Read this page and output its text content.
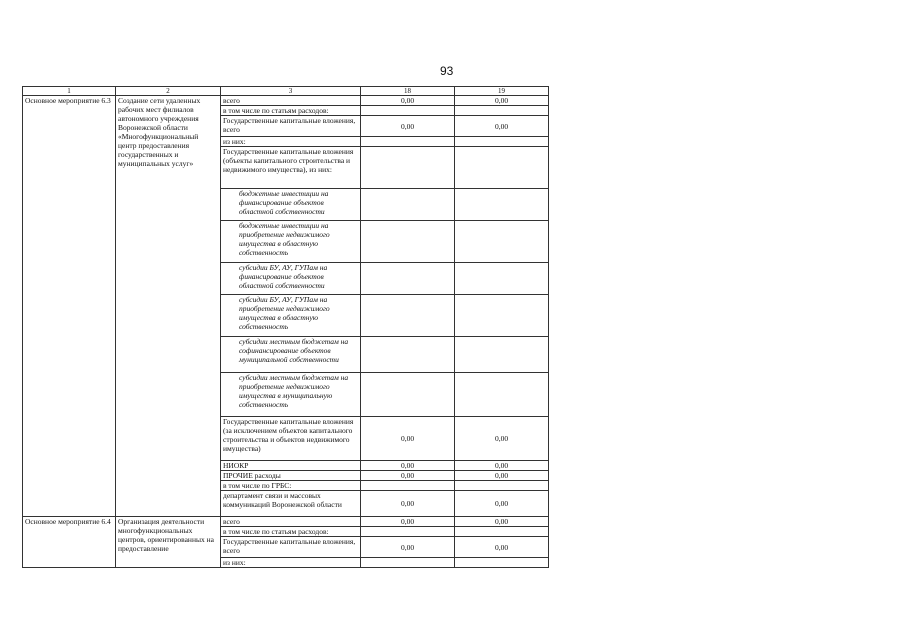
93
1	2	3	18	19
Основное мероприятие 6.3	Создание сети удаленных рабочих мест филиалов автономного учреждения Воронежской области «Многофункциональный центр предоставления государственных и муниципальных услуг»	всего	0,00	0,00
		в том числе по статьям расходов:		
		Государственные капитальные вложения, всего	0,00	0,00
		из них:		
		Государственные капитальные вложения (объекты капитального строительства и недвижимого имущества), из них:		
		бюджетные инвестиции на финансирование объектов областной собственности		
		бюджетные инвестиции на приобретение недвижимого имущества в областную собственность		
		субсидии БУ, АУ, ГУПам на финансирование объектов областной собственности		
		субсидии БУ, АУ, ГУПам на приобретение недвижимого имущества в областную собственность		
		субсидии местным бюджетам на софинансирование объектов муниципальной собственности		
		субсидии местным бюджетам на приобретение недвижимого имущества в муниципальную собственность		
		Государственные капитальные вложения (за исключением объектов капитального строительства и объектов недвижимого имущества)	0,00	0,00
		НИОКР	0,00	0,00
		ПРОЧИЕ расходы	0,00	0,00
		в том числе по ГРБС:		
		департамент связи и массовых коммуникаций Воронежской области	0,00	0,00
Основное мероприятие 6.4	Организация деятельности многофункциональных центров, ориентированных на предоставление	всего	0,00	0,00
		в том числе по статьям расходов:		
		Государственные капитальные вложения, всего	0,00	0,00
		из них:		
